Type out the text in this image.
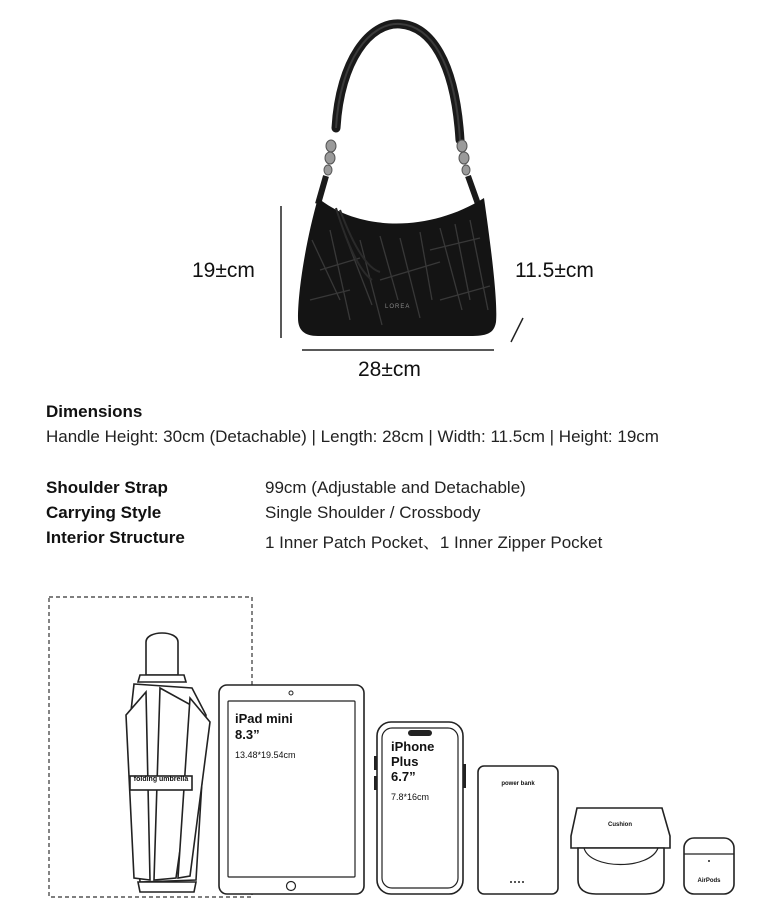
LOREA
19±cm	11.5±cm
28±cm
Dimensions
Handle Height: 30cm (Detachable) | Length: 28cm | Width: 11.5cm | Height: 19cm
Shoulder Strap	99cm (Adjustable and Detachable)
Carrying Style	Single Shoulder / Crossbody
Interior Structure	1 Inner Patch Pocket、1 Inner Zipper Pocket
folding umbrella
iPad mini
8.3”
13.48*19.54cm
iPhone
Plus
6.7”
7.8*16cm
power bank
Cushion
AirPods
